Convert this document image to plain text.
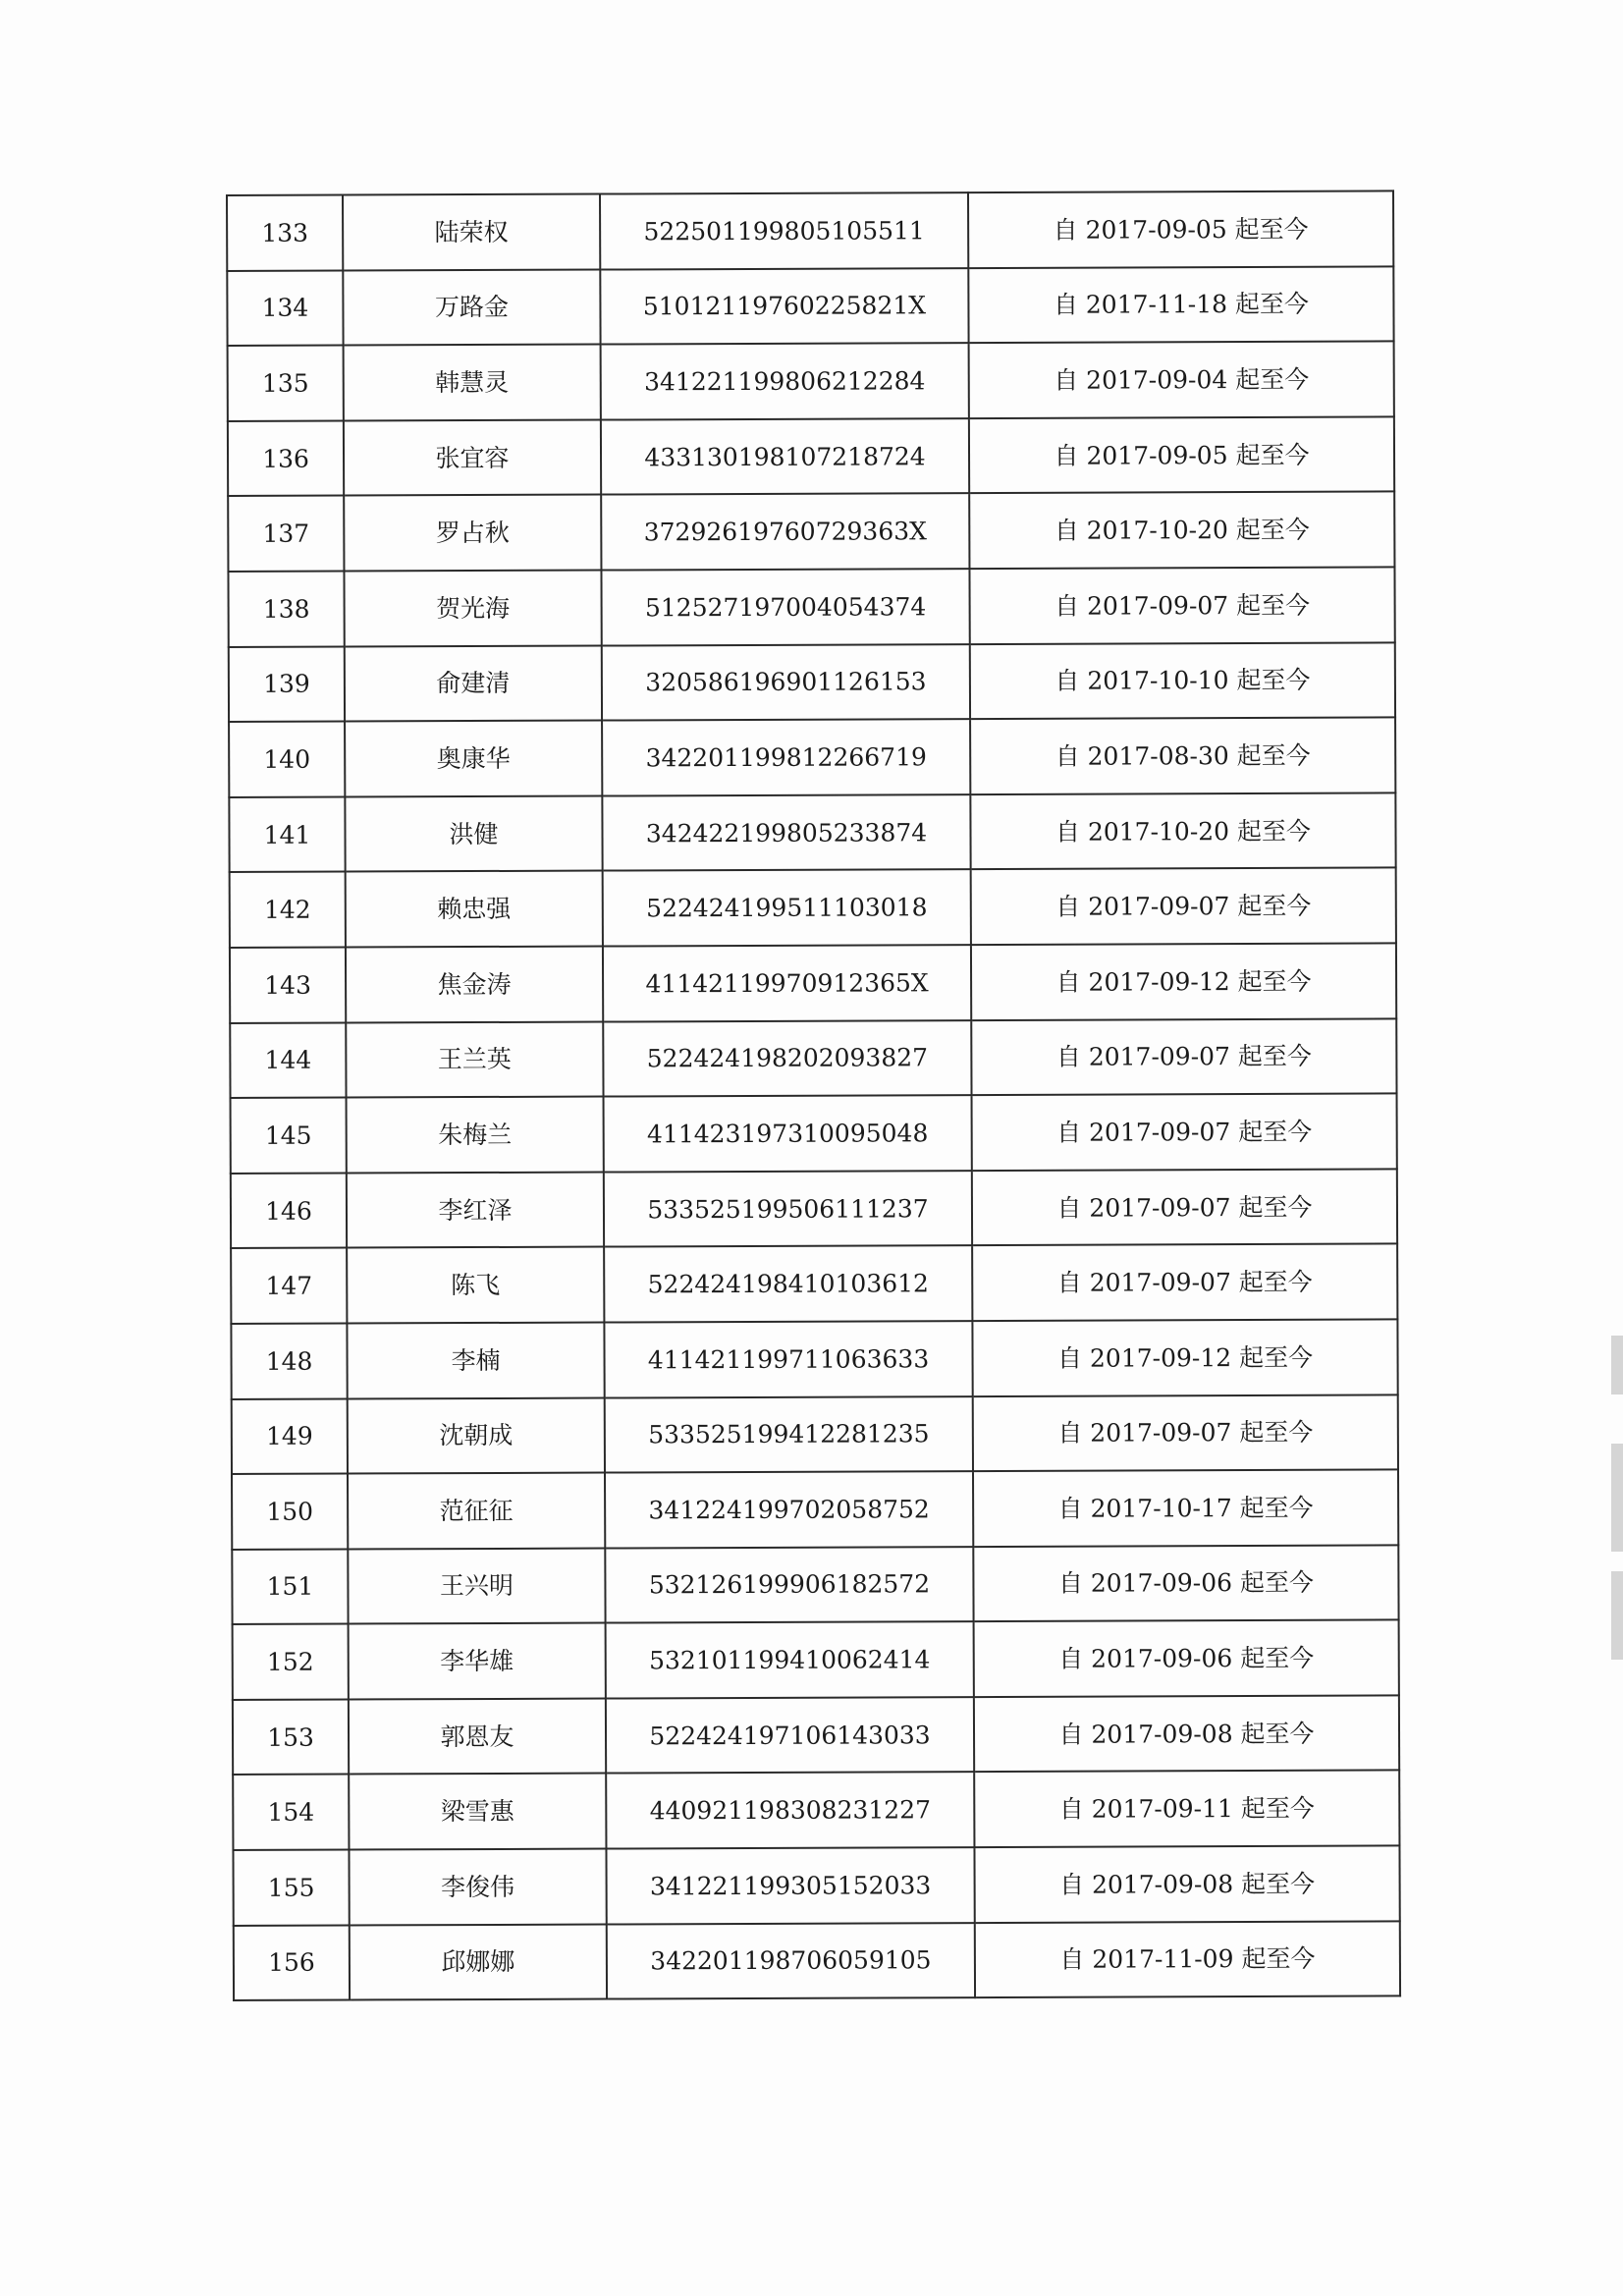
133	陆荣权	522501199805105511	自 2017-09-05 起至今
134	万路金	51012119760225821X	自 2017-11-18 起至今
135	韩慧灵	341221199806212284	自 2017-09-04 起至今
136	张宜容	433130198107218724	自 2017-09-05 起至今
137	罗占秋	37292619760729363X	自 2017-10-20 起至今
138	贺光海	512527197004054374	自 2017-09-07 起至今
139	俞建清	320586196901126153	自 2017-10-10 起至今
140	奥康华	342201199812266719	自 2017-08-30 起至今
141	洪健	342422199805233874	自 2017-10-20 起至今
142	赖忠强	522424199511103018	自 2017-09-07 起至今
143	焦金涛	41142119970912365X	自 2017-09-12 起至今
144	王兰英	522424198202093827	自 2017-09-07 起至今
145	朱梅兰	411423197310095048	自 2017-09-07 起至今
146	李红泽	533525199506111237	自 2017-09-07 起至今
147	陈飞	522424198410103612	自 2017-09-07 起至今
148	李楠	411421199711063633	自 2017-09-12 起至今
149	沈朝成	533525199412281235	自 2017-09-07 起至今
150	范征征	341224199702058752	自 2017-10-17 起至今
151	王兴明	532126199906182572	自 2017-09-06 起至今
152	李华雄	532101199410062414	自 2017-09-06 起至今
153	郭恩友	522424197106143033	自 2017-09-08 起至今
154	梁雪惠	440921198308231227	自 2017-09-11 起至今
155	李俊伟	341221199305152033	自 2017-09-08 起至今
156	邱娜娜	342201198706059105	自 2017-11-09 起至今
